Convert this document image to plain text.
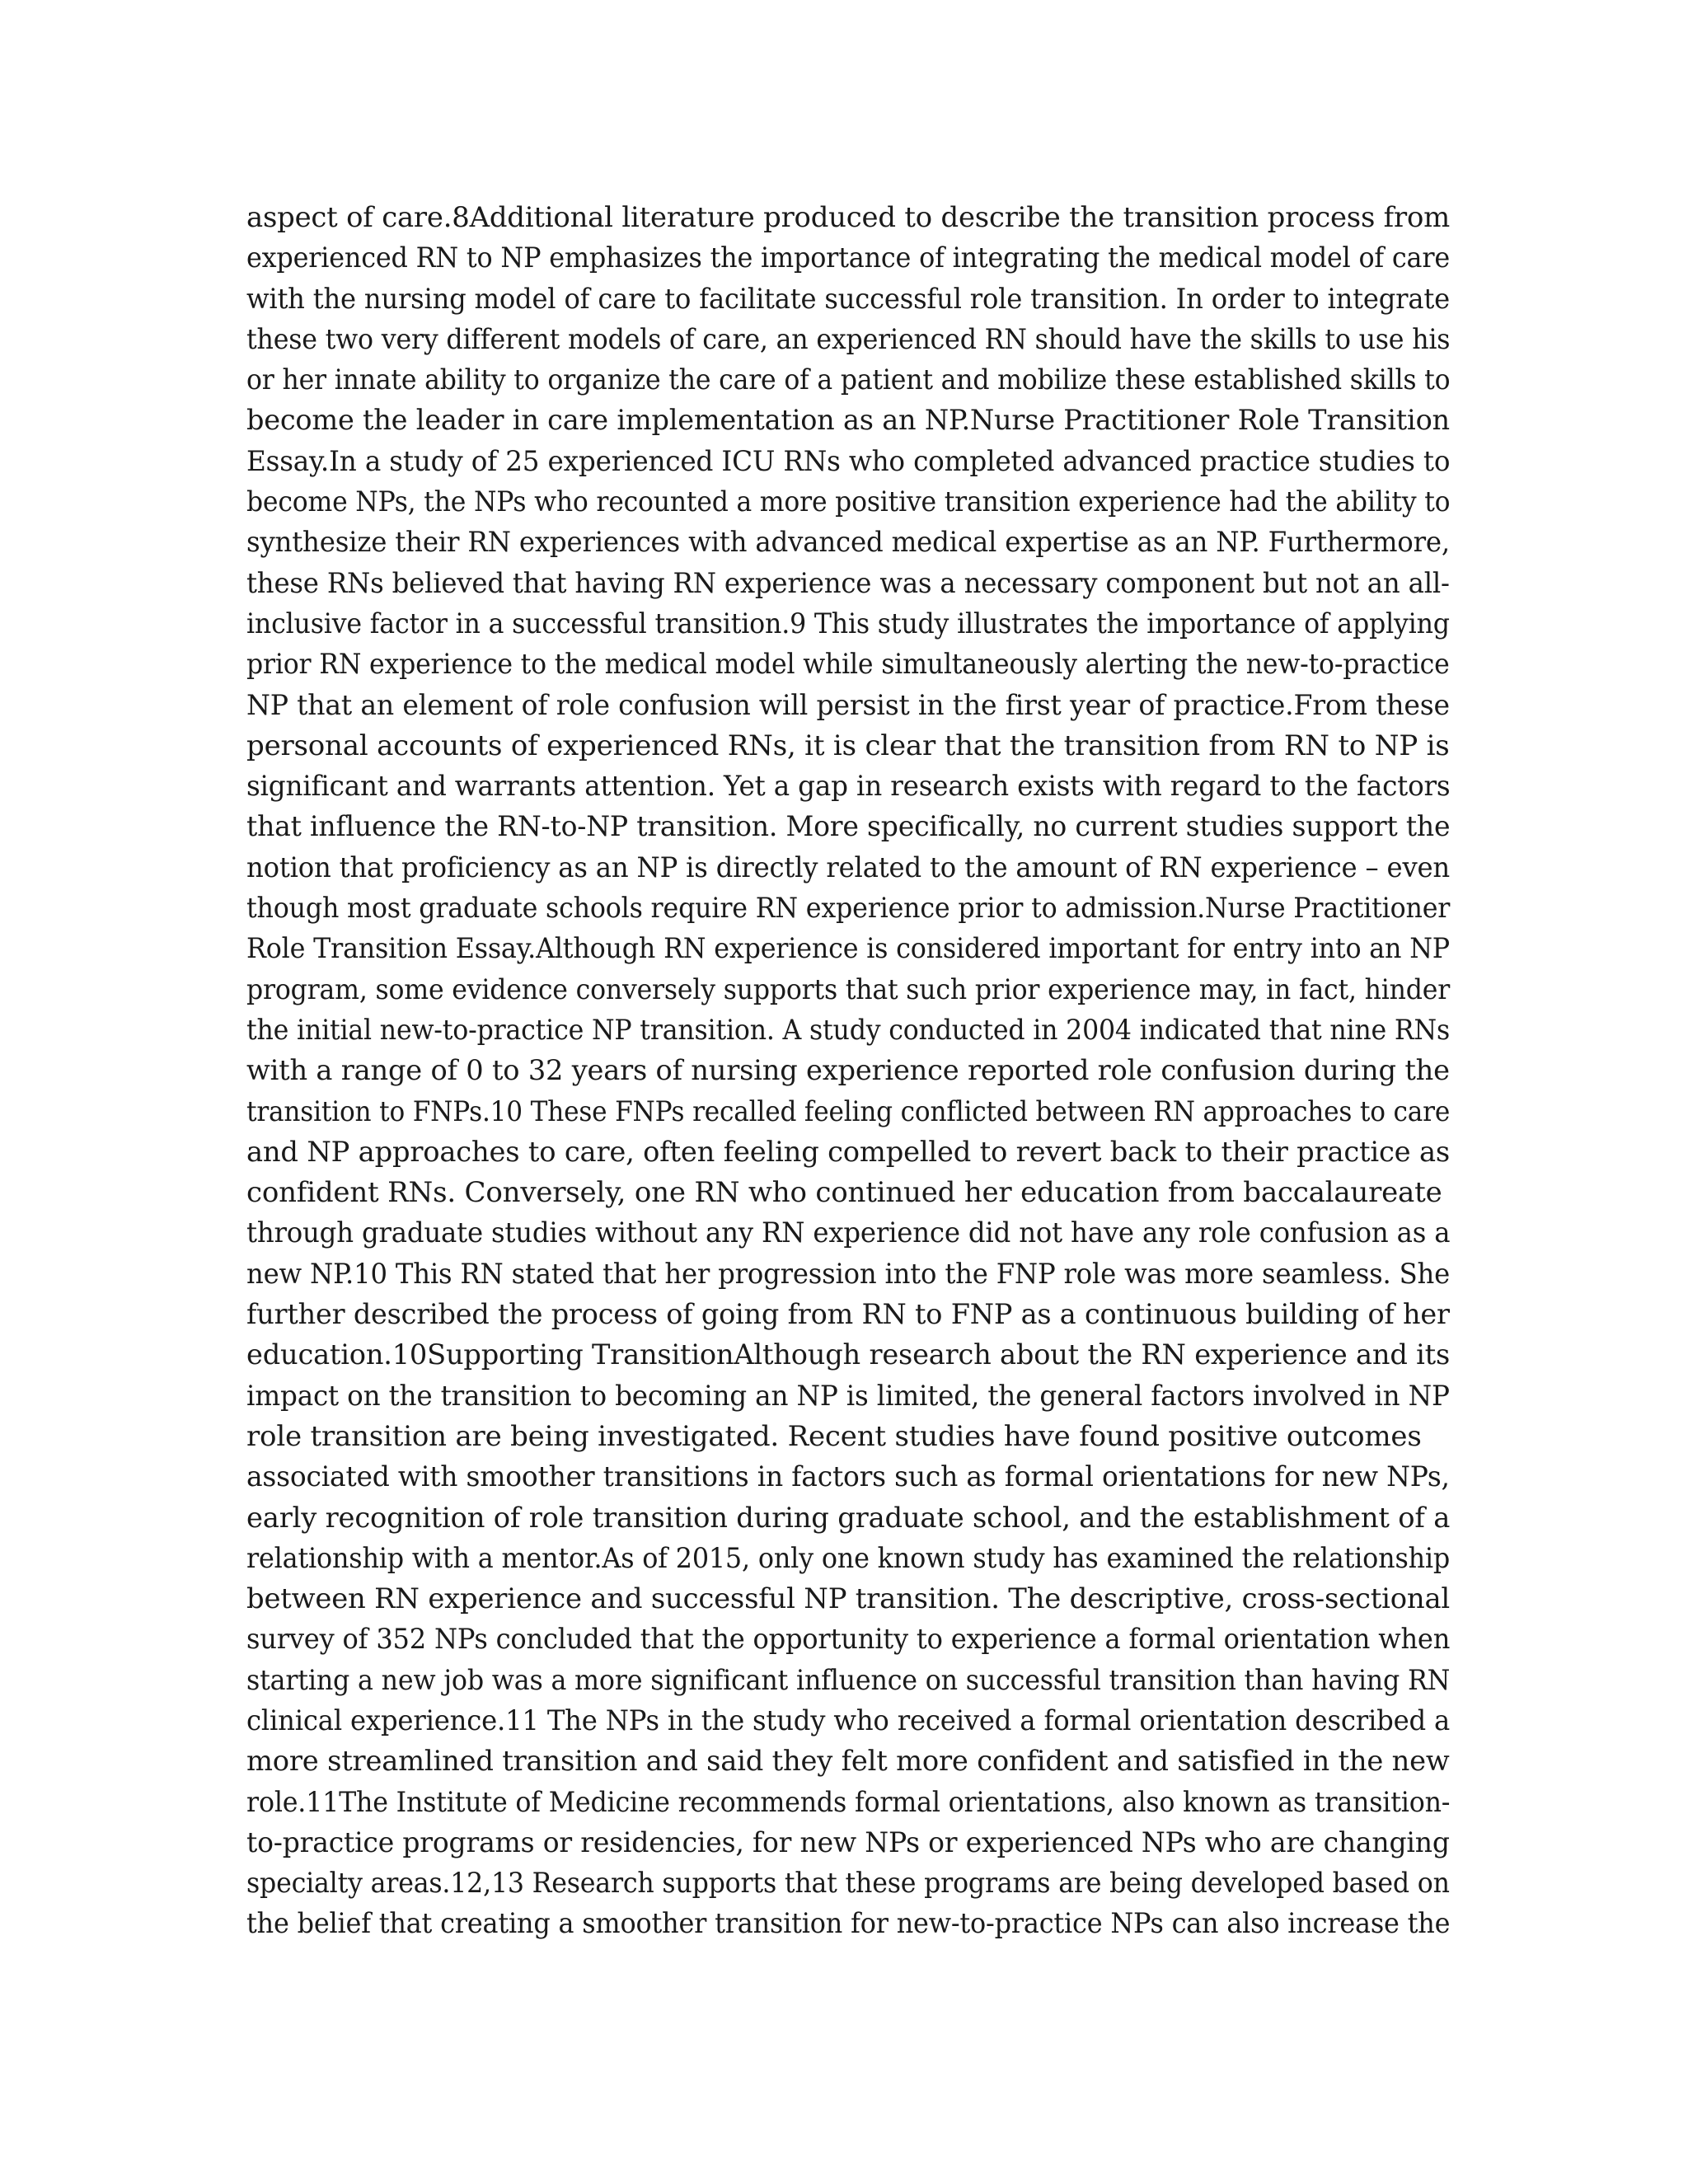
aspect of care.8Additional literature produced to describe the transition process from
experienced RN to NP emphasizes the importance of integrating the medical model of care
with the nursing model of care to facilitate successful role transition. In order to integrate
these two very different models of care, an experienced RN should have the skills to use his
or her innate ability to organize the care of a patient and mobilize these established skills to
become the leader in care implementation as an NP.Nurse Practitioner Role Transition
Essay.In a study of 25 experienced ICU RNs who completed advanced practice studies to
become NPs, the NPs who recounted a more positive transition experience had the ability to
synthesize their RN experiences with advanced medical expertise as an NP. Furthermore,
these RNs believed that having RN experience was a necessary component but not an all-
inclusive factor in a successful transition.9 This study illustrates the importance of applying
prior RN experience to the medical model while simultaneously alerting the new-to-practice
NP that an element of role confusion will persist in the first year of practice.From these
personal accounts of experienced RNs, it is clear that the transition from RN to NP is
significant and warrants attention. Yet a gap in research exists with regard to the factors
that influence the RN-to-NP transition. More specifically, no current studies support the
notion that proficiency as an NP is directly related to the amount of RN experience – even
though most graduate schools require RN experience prior to admission.Nurse Practitioner
Role Transition Essay.Although RN experience is considered important for entry into an NP
program, some evidence conversely supports that such prior experience may, in fact, hinder
the initial new-to-practice NP transition. A study conducted in 2004 indicated that nine RNs
with a range of 0 to 32 years of nursing experience reported role confusion during the
transition to FNPs.10 These FNPs recalled feeling conflicted between RN approaches to care
and NP approaches to care, often feeling compelled to revert back to their practice as
confident RNs. Conversely, one RN who continued her education from baccalaureate
through graduate studies without any RN experience did not have any role confusion as a
new NP.10 This RN stated that her progression into the FNP role was more seamless. She
further described the process of going from RN to FNP as a continuous building of her
education.10Supporting TransitionAlthough research about the RN experience and its
impact on the transition to becoming an NP is limited, the general factors involved in NP
role transition are being investigated. Recent studies have found positive outcomes
associated with smoother transitions in factors such as formal orientations for new NPs,
early recognition of role transition during graduate school, and the establishment of a
relationship with a mentor.As of 2015, only one known study has examined the relationship
between RN experience and successful NP transition. The descriptive, cross-sectional
survey of 352 NPs concluded that the opportunity to experience a formal orientation when
starting a new job was a more significant influence on successful transition than having RN
clinical experience.11 The NPs in the study who received a formal orientation described a
more streamlined transition and said they felt more confident and satisfied in the new
role.11The Institute of Medicine recommends formal orientations, also known as transition-
to-practice programs or residencies, for new NPs or experienced NPs who are changing
specialty areas.12,13 Research supports that these programs are being developed based on
the belief that creating a smoother transition for new-to-practice NPs can also increase the
